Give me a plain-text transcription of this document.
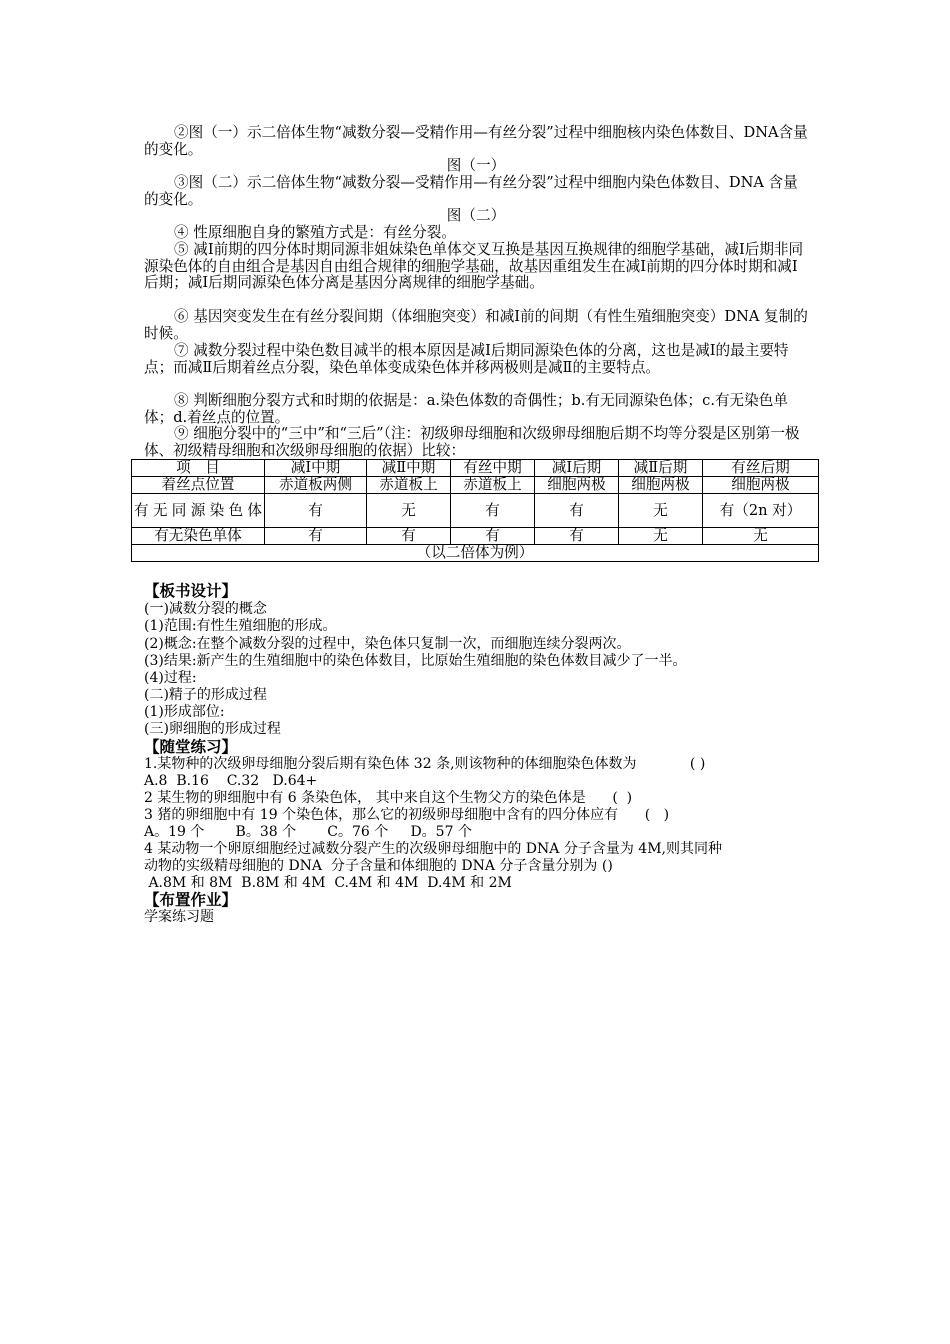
②图（一）示二倍体生物“减数分裂—受精作用—有丝分裂”过程中细胞核内染色体数目、DNA含量的变化。

图（一）

③图（二）示二倍体生物“减数分裂—受精作用—有丝分裂”过程中细胞内染色体数目、DNA 含量的变化。

图（二）

④ 性原细胞自身的繁殖方式是：有丝分裂。

⑤ 减Ⅰ前期的四分体时期同源非姐妹染色单体交叉互换是基因互换规律的细胞学基础，减Ⅰ后期非同源染色体的自由组合是基因自由组合规律的细胞学基础，故基因重组发生在减Ⅰ前期的四分体时期和减Ⅰ后期；减Ⅰ后期同源染色体分离是基因分离规律的细胞学基础。

⑥ 基因突变发生在有丝分裂间期（体细胞突变）和减Ⅰ前的间期（有性生殖细胞突变）DNA 复制的时候。

⑦ 减数分裂过程中染色数目减半的根本原因是减Ⅰ后期同源染色体的分离，这也是减Ⅰ的最主要特点；而减Ⅱ后期着丝点分裂，染色单体变成染色体并移两极则是减Ⅱ的主要特点。

⑧ 判断细胞分裂方式和时期的依据是：a.染色体数的奇偶性；b.有无同源染色体；c.有无染色单体；d.着丝点的位置。

⑨ 细胞分裂中的“三中”和“三后”（注：初级卵母细胞和次级卵母细胞后期不均等分裂是区别第一极体、初级精母细胞和次级卵母细胞的依据）比较：

项　目	减Ⅰ中期	减Ⅱ中期	有丝中期	减Ⅰ后期	减Ⅱ后期	有丝后期
着丝点位置	赤道板两侧	赤道板上	赤道板上	细胞两极	细胞两极	细胞两极
有无同源染色体	有	无	有	有	无	有（2n 对）
有无染色单体	有	有	有	有	无	无
（以二倍体为例）						
【板书设计】
(一)减数分裂的概念
(1)范围:有性生殖细胞的形成。
(2)概念:在整个减数分裂的过程中，染色体只复制一次，而细胞连续分裂两次。
(3)结果:新产生的生殖细胞中的染色体数目，比原始生殖细胞的染色体数目减少了一半。
(4)过程:
(二)精子的形成过程
(1)形成部位:
(三)卵细胞的形成过程
【随堂练习】
1.某物种的次级卵母细胞分裂后期有染色体 32 条,则该物种的体细胞染色体数为            ( )
A.8  B.16    C.32   D.64+
2 某生物的卵细胞中有 6 条染色体， 其中来自这个生物父方的染色体是      (  )
3 猪的卵细胞中有 19 个染色体，那么它的初级卵母细胞中含有的四分体应有      (   )
A。19 个       B。38 个       C。76 个     D。57 个
4 某动物一个卵原细胞经过减数分裂产生的次级卵母细胞中的 DNA 分子含量为 4M,则其同种
动物的实级精母细胞的 DNA  分子含量和体细胞的 DNA 分子含量分别为 ()
A.8M 和 8M  B.8M 和 4M  C.4M 和 4M  D.4M 和 2M
【布置作业】
学案练习题
